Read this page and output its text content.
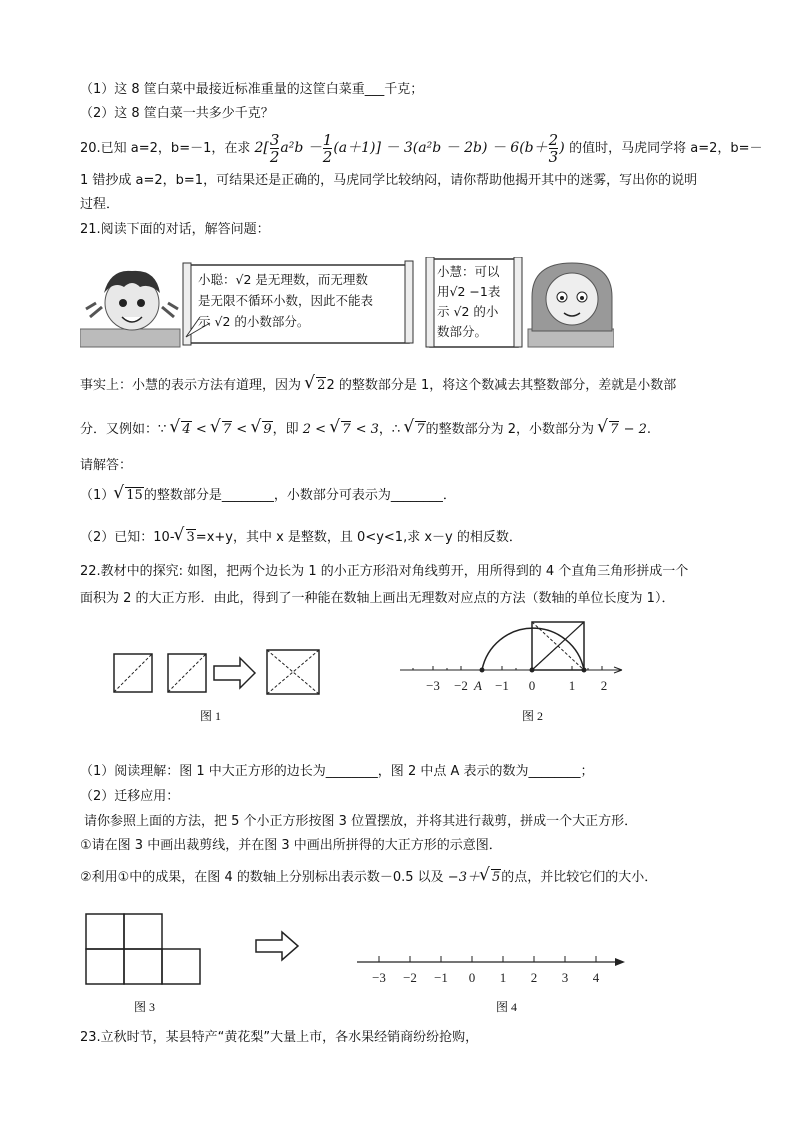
（1）这 8 筐白菜中最接近标准重量的这筐白菜重___千克；
（2）这 8 筐白菜一共多少千克？
20.已知 a=2，b=－1，在求 $2[ \frac{3}{2} a^2b - \frac{1}{2} (a+1)] - 3(a^2b - 2b) - 6(b+ \frac{2}{3}$ ) 的值时，马虎同学将 a=2，b=－
1 错抄成 a=2，b=1，可结果还是正确的，马虎同学比较纳闷，请你帮助他揭开其中的迷雾，写出你的说明
过程．
21.阅读下面的对话，解答问题：
小聪：√2 是无理数，而无理数
是无限不循环小数，因此不能表
示 √2 的小数部分。
小慧：可以
用√2 −1表
示 √2 的小
数部分。
事实上：小慧的表示方法有道理，因为 √ 22 的整数部分是 1，将这个数减去其整数部分，差就是小数部
分．又例如：∵ √ 4 < √ 7 < √ 9，即 2 < √ 7 < 3，∴ √ 7的整数部分为 2，小数部分为 √ 7 − 2.
请解答：
（1） √ 15的整数部分是________，小数部分可表示为________．
（2）已知：10- √ 3=x+y，其中 x 是整数，且 0<y<1,求 x－y 的相反数．
22.教材中的探究: 如图，把两个边长为 1 的小正方形沿对角线剪开，用所得到的 4 个直角三角形拼成一个
面积为 2 的大正方形．由此，得到了一种能在数轴上画出无理数对应点的方法（数轴的单位长度为 1）．
图 1
−3 −2 A −1 0	1 2
图 2
（1）阅读理解：图 1 中大正方形的边长为________，图 2 中点 A 表示的数为________；
（2）迁移应用：
请你参照上面的方法，把 5 个小正方形按图 3 位置摆放，并将其进行裁剪，拼成一个大正方形．
①请在图 3 中画出裁剪线，并在图 3 中画出所拼得的大正方形的示意图．
②利用①中的成果，在图 4 的数轴上分别标出表示数－0.5 以及 −3＋ √ 5的点，并比较它们的大小．
图 3
−3 −2 −1 0 1 2 3 4
图 4
23.立秋时节，某县特产“黄花梨”大量上市，各水果经销商纷纷抢购，
